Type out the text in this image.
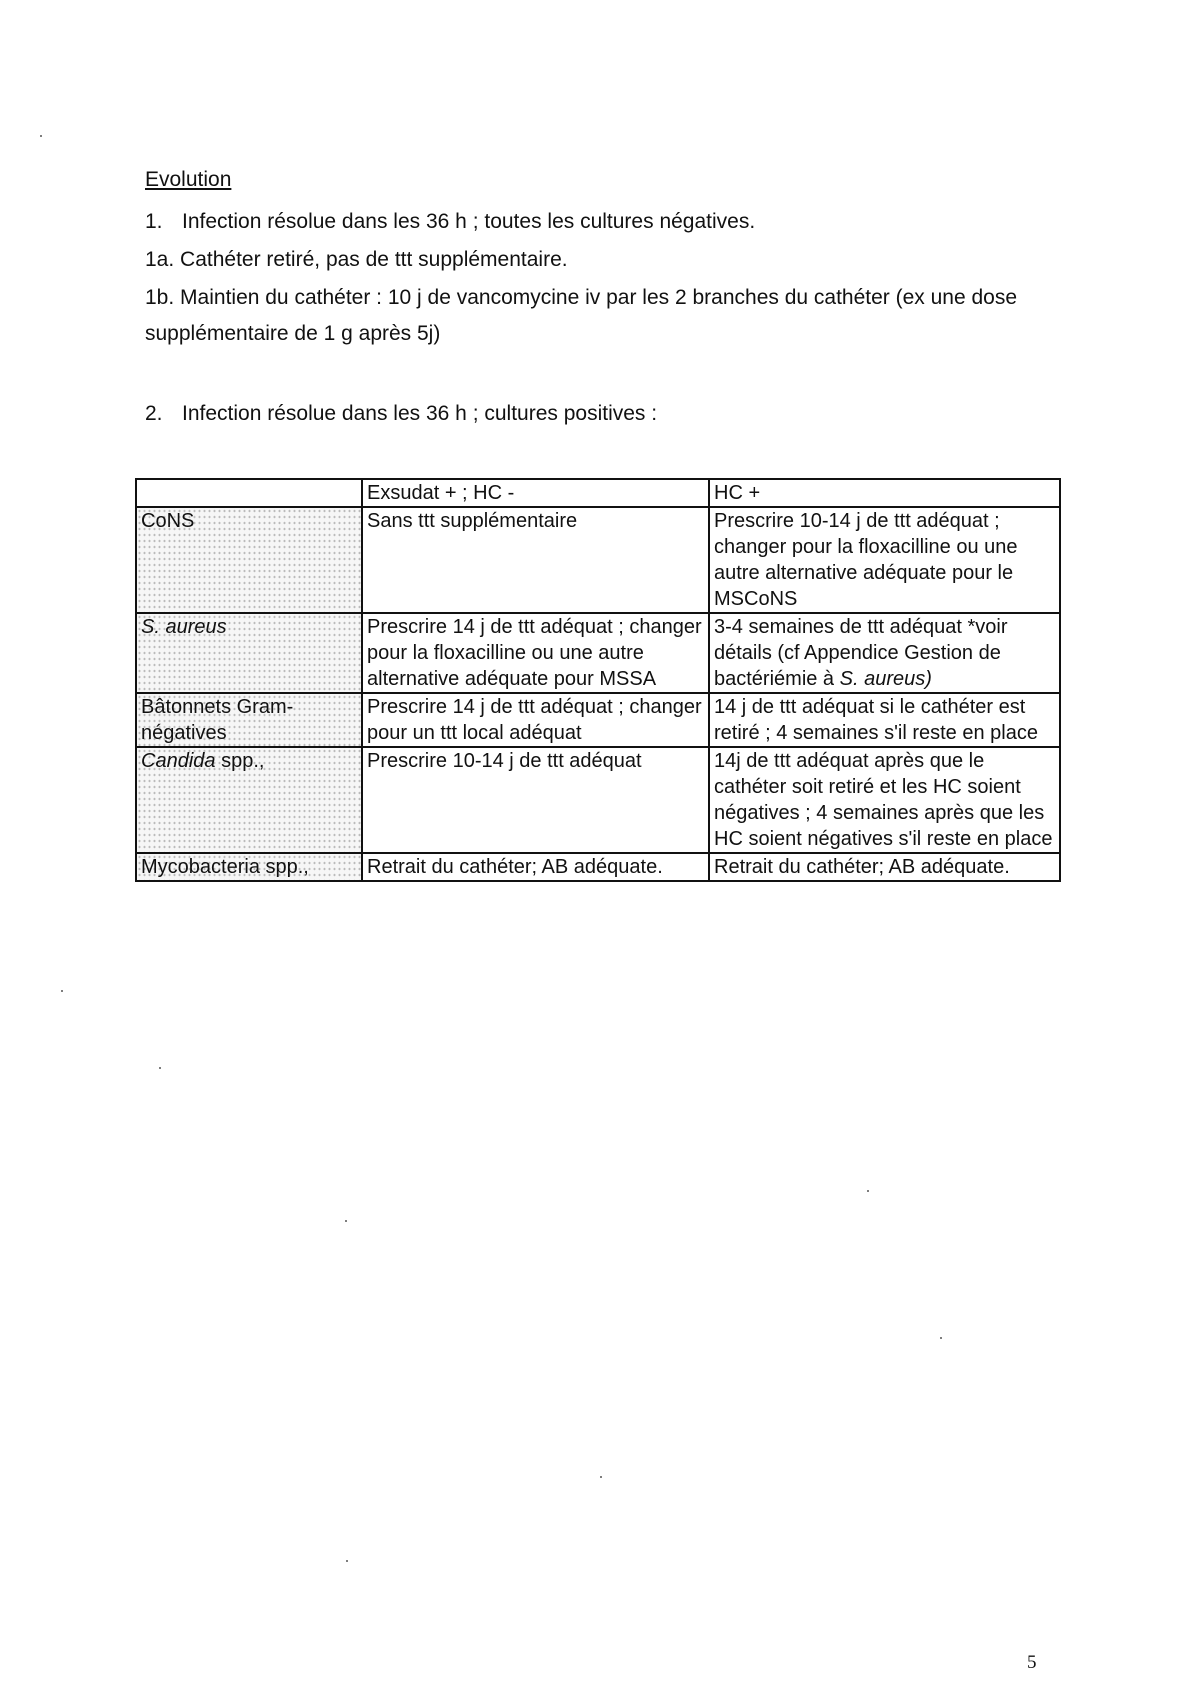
Evolution
1. Infection résolue dans les 36 h ; toutes les cultures négatives.
1a. Cathéter retiré, pas de ttt supplémentaire.
1b. Maintien du cathéter : 10 j de vancomycine iv par les 2 branches du cathéter (ex une dose supplémentaire de 1 g après 5j)
2. Infection résolue dans les 36 h ; cultures positives :
	Exsudat + ; HC -	HC +
CoNS	Sans ttt supplémentaire	Prescrire 10-14 j de ttt adéquat ; changer pour la floxacilline ou une autre alternative adéquate pour le MSCoNS
S. aureus	Prescrire 14 j de ttt adéquat ; changer pour la floxacilline ou une autre alternative adéquate pour MSSA	3-4 semaines de ttt adéquat *voir détails (cf Appendice Gestion de bactériémie à S. aureus)
Bâtonnets Gram-négatives	Prescrire 14 j de ttt adéquat ; changer pour un ttt local adéquat	14 j de ttt adéquat si le cathéter est retiré ; 4 semaines s'il reste en place
Candida spp.,	Prescrire 10-14 j de ttt adéquat	14j de ttt adéquat après que le cathéter soit retiré et les HC soient négatives ; 4 semaines après que les HC soient négatives s'il reste en place
Mycobacteria spp.,	Retrait du cathéter; AB adéquate.	Retrait du cathéter; AB adéquate.
5
